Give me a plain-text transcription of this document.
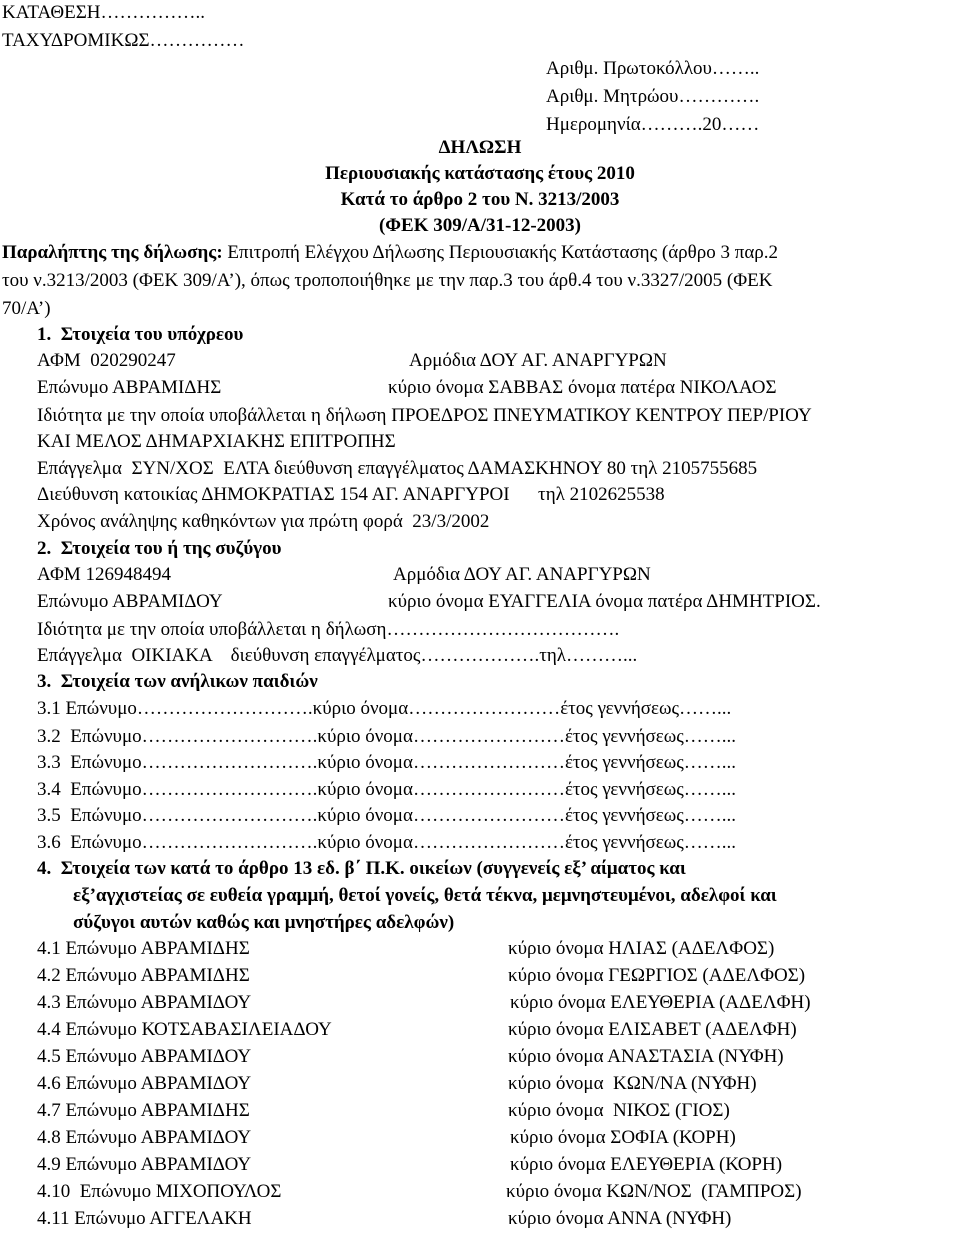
ΚΑΤΑΘΕΣΗ……………..
ΤΑΧΥΔΡΟΜΙΚΩΣ……………
Αριθμ. Πρωτοκόλλου……..
Αριθμ. Μητρώου………….
Ημερομηνία……….20……
ΔΗΛΩΣΗ
Περιουσιακής κατάστασης έτους 2010
Κατά το άρθρο 2 του Ν. 3213/2003
(ΦΕΚ 309/Α/31-12-2003)
Παραλήπτης της δήλωσης: Επιτροπή Ελέγχου Δήλωσης Περιουσιακής Κατάστασης (άρθρο 3 παρ.2
του ν.3213/2003 (ΦΕΚ 309/Α’), όπως τροποποιήθηκε με την παρ.3 του άρθ.4 του ν.3327/2005 (ΦΕΚ
70/Α’)
1.  Στοιχεία του υπόχρεου
ΑΦΜ  020290247	Αρμόδια ΔΟΥ ΑΓ. ΑΝΑΡΓΥΡΩΝ
Επώνυμο ΑΒΡΑΜΙΔΗΣ	κύριο όνομα ΣΑΒΒΑΣ όνομα πατέρα ΝΙΚΟΛΑΟΣ
Ιδιότητα με την οποία υποβάλλεται η δήλωση ΠΡΟΕΔΡΟΣ ΠΝΕΥΜΑΤΙΚΟΥ ΚΕΝΤΡΟΥ ΠΕΡ/ΡΙΟΥ
ΚΑΙ ΜΕΛΟΣ ΔΗΜΑΡΧΙΑΚΗΣ ΕΠΙΤΡΟΠΗΣ
Επάγγελμα  ΣΥΝ/ΧΟΣ  ΕΛΤΑ διεύθυνση επαγγέλματος ΔΑΜΑΣΚΗΝΟΥ 80 τηλ 2105755685
Διεύθυνση κατοικίας ΔΗΜΟΚΡΑΤΙΑΣ 154 ΑΓ. ΑΝΑΡΓΥΡΟΙ      τηλ 2102625538
Χρόνος ανάληψης καθηκόντων για πρώτη φορά  23/3/2002
2.  Στοιχεία του ή της συζύγου
ΑΦΜ 126948494	Αρμόδια ΔΟΥ ΑΓ. ΑΝΑΡΓΥΡΩΝ
Επώνυμο ΑΒΡΑΜΙΔΟΥ	κύριο όνομα ΕΥΑΓΓΕΛΙΑ όνομα πατέρα ΔΗΜΗΤΡΙΟΣ.
Ιδιότητα με την οποία υποβάλλεται η δήλωση……………………………….
Επάγγελμα  ΟΙΚΙΑΚΑ    διεύθυνση επαγγέλματος……………….τηλ………...
3.  Στοιχεία των ανήλικων παιδιών
3.1 Επώνυμο……………………….κύριο όνομα……………………έτος γεννήσεως……...
3.2  Επώνυμο……………………….κύριο όνομα……………………έτος γεννήσεως……...
3.3  Επώνυμο……………………….κύριο όνομα……………………έτος γεννήσεως……...
3.4  Επώνυμο……………………….κύριο όνομα……………………έτος γεννήσεως……...
3.5  Επώνυμο……………………….κύριο όνομα……………………έτος γεννήσεως……...
3.6  Επώνυμο……………………….κύριο όνομα……………………έτος γεννήσεως……...
4.  Στοιχεία των κατά το άρθρο 13 εδ. β΄ Π.Κ. οικείων (συγγενείς εξ’ αίματος και
εξ’αγχιστείας σε ευθεία γραμμή, θετοί γονείς, θετά τέκνα, μεμνηστευμένοι, αδελφοί και
σύζυγοι αυτών καθώς και μνηστήρες αδελφών)
4.1 Επώνυμο ΑΒΡΑΜΙΔΗΣ	κύριο όνομα ΗΛΙΑΣ (ΑΔΕΛΦΟΣ)
4.2 Επώνυμο ΑΒΡΑΜΙΔΗΣ	κύριο όνομα ΓΕΩΡΓΙΟΣ (ΑΔΕΛΦΟΣ)
4.3 Επώνυμο ΑΒΡΑΜΙΔΟΥ	κύριο όνομα ΕΛΕΥΘΕΡΙΑ (ΑΔΕΛΦΗ)
4.4 Επώνυμο ΚΟΤΣΑΒΑΣΙΛΕΙΑΔΟΥ	κύριο όνομα ΕΛΙΣΑΒΕΤ (ΑΔΕΛΦΗ)
4.5 Επώνυμο ΑΒΡΑΜΙΔΟΥ	κύριο όνομα ΑΝΑΣΤΑΣΙΑ (ΝΥΦΗ)
4.6 Επώνυμο ΑΒΡΑΜΙΔΟΥ	κύριο όνομα  ΚΩΝ/ΝΑ (ΝΥΦΗ)
4.7 Επώνυμο ΑΒΡΑΜΙΔΗΣ	κύριο όνομα  ΝΙΚΟΣ (ΓΙΟΣ)
4.8 Επώνυμο ΑΒΡΑΜΙΔΟΥ	κύριο όνομα ΣΟΦΙΑ (ΚΟΡΗ)
4.9 Επώνυμο ΑΒΡΑΜΙΔΟΥ	κύριο όνομα ΕΛΕΥΘΕΡΙΑ (ΚΟΡΗ)
4.10  Επώνυμο ΜΙΧΟΠΟΥΛΟΣ	κύριο όνομα ΚΩΝ/ΝΟΣ  (ΓΑΜΠΡΟΣ)
4.11 Επώνυμο ΑΓΓΕΛΑΚΗ	κύριο όνομα ΑΝΝΑ (ΝΥΦΗ)
